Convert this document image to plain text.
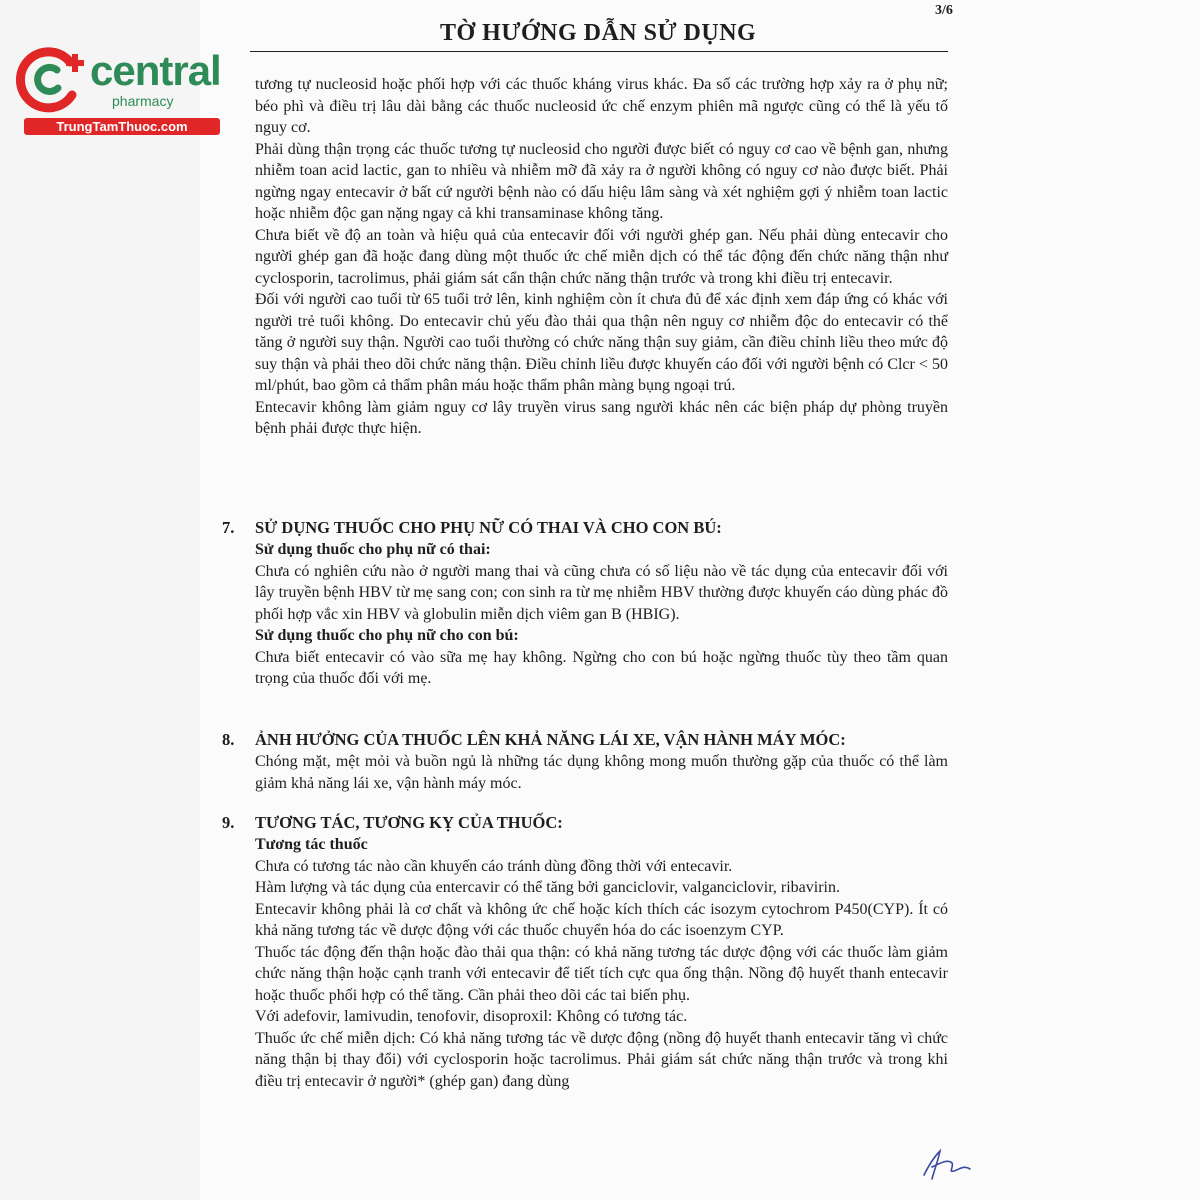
central
pharmacy
TrungTamThuoc.com
3/6
TỜ HƯỚNG DẪN SỬ DỤNG

tương tự nucleosid hoặc phối hợp với các thuốc kháng virus khác. Đa số các trường hợp xảy ra ở phụ nữ; béo phì và điều trị lâu dài bằng các thuốc nucleosid ức chế enzym phiên mã ngược cũng có thể là yếu tố nguy cơ.

Phải dùng thận trọng các thuốc tương tự nucleosid cho người được biết có nguy cơ cao về bệnh gan, nhưng nhiễm toan acid lactic, gan to nhiều và nhiễm mỡ đã xảy ra ở người không có nguy cơ nào được biết. Phải ngừng ngay entecavir ở bất cứ người bệnh nào có dấu hiệu lâm sàng và xét nghiệm gợi ý nhiễm toan lactic hoặc nhiễm độc gan nặng ngay cả khi transaminase không tăng.

Chưa biết về độ an toàn và hiệu quả của entecavir đối với người ghép gan. Nếu phải dùng entecavir cho người ghép gan đã hoặc đang dùng một thuốc ức chế miễn dịch có thể tác động đến chức năng thận như cyclosporin, tacrolimus, phải giám sát cẩn thận chức năng thận trước và trong khi điều trị entecavir.

Đối với người cao tuổi từ 65 tuổi trở lên, kinh nghiệm còn ít chưa đủ để xác định xem đáp ứng có khác với người trẻ tuổi không. Do entecavir chủ yếu đào thải qua thận nên nguy cơ nhiễm độc do entecavir có thể tăng ở người suy thận. Người cao tuổi thường có chức năng thận suy giảm, cần điều chỉnh liều theo mức độ suy thận và phải theo dõi chức năng thận. Điều chỉnh liều được khuyến cáo đối với người bệnh có Clcr < 50 ml/phút, bao gồm cả thẩm phân máu hoặc thẩm phân màng bụng ngoại trú.

Entecavir không làm giảm nguy cơ lây truyền virus sang người khác nên các biện pháp dự phòng truyền bệnh phải được thực hiện.

7.	SỬ DỤNG THUỐC CHO PHỤ NỮ CÓ THAI VÀ CHO CON BÚ:
Sử dụng thuốc cho phụ nữ có thai:

Chưa có nghiên cứu nào ở người mang thai và cũng chưa có số liệu nào về tác dụng của entecavir đối với lây truyền bệnh HBV từ mẹ sang con; con sinh ra từ mẹ nhiễm HBV thường được khuyến cáo dùng phác đồ phối hợp vắc xin HBV và globulin miễn dịch viêm gan B (HBIG).

Sử dụng thuốc cho phụ nữ cho con bú:

Chưa biết entecavir có vào sữa mẹ hay không. Ngừng cho con bú hoặc ngừng thuốc tùy theo tầm quan trọng của thuốc đối với mẹ.

8.	ẢNH HƯỞNG CỦA THUỐC LÊN KHẢ NĂNG LÁI XE, VẬN HÀNH MÁY MÓC:

Chóng mặt, mệt mỏi và buồn ngủ là những tác dụng không mong muốn thường gặp của thuốc có thể làm giảm khả năng lái xe, vận hành máy móc.

9.	TƯƠNG TÁC, TƯƠNG KỴ CỦA THUỐC:
Tương tác thuốc

Chưa có tương tác nào cần khuyến cáo tránh dùng đồng thời với entecavir.

Hàm lượng và tác dụng của entercavir có thể tăng bởi ganciclovir, valganciclovir, ribavirin.

Entecavir không phải là cơ chất và không ức chế hoặc kích thích các isozym cytochrom P450(CYP). Ít có khả năng tương tác về dược động với các thuốc chuyển hóa do các isoenzym CYP.

Thuốc tác động đến thận hoặc đào thải qua thận: có khả năng tương tác dược động với các thuốc làm giảm chức năng thận hoặc cạnh tranh với entecavir để tiết tích cực qua ống thận. Nồng độ huyết thanh entecavir hoặc thuốc phối hợp có thể tăng. Cần phải theo dõi các tai biến phụ.

Với adefovir, lamivudin, tenofovir, disoproxil: Không có tương tác.

Thuốc ức chế miễn dịch: Có khả năng tương tác về dược động (nồng độ huyết thanh entecavir tăng vì chức năng thận bị thay đổi) với cyclosporin hoặc tacrolimus. Phải giám sát chức năng thận trước và trong khi điều trị entecavir ở người* (ghép gan) đang dùng
